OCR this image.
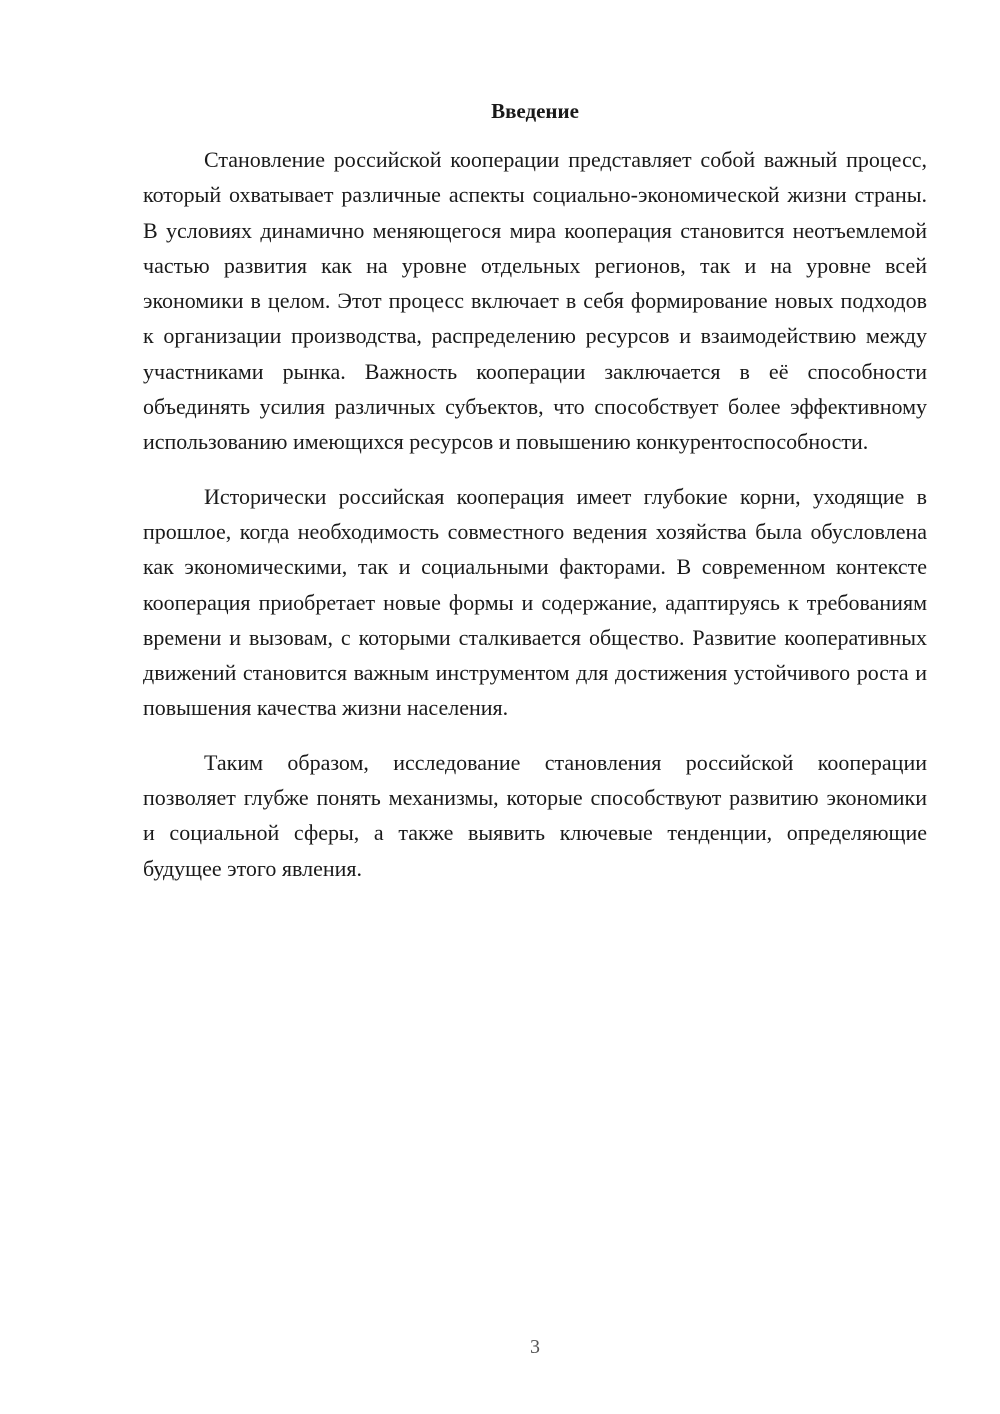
Введение

Становление российской кооперации представляет собой важный процесс, который охватывает различные аспекты социально-экономической жизни страны. В условиях динамично меняющегося мира кооперация становится неотъемлемой частью развития как на уровне отдельных регионов, так и на уровне всей экономики в целом. Этот процесс включает в себя формирование новых подходов к организации производства, распределению ресурсов и взаимодействию между участниками рынка. Важность кооперации заключается в её способности объединять усилия различных субъектов, что способствует более эффективному использованию имеющихся ресурсов и повышению конкурентоспособности.

Исторически российская кооперация имеет глубокие корни, уходящие в прошлое, когда необходимость совместного ведения хозяйства была обусловлена как экономическими, так и социальными факторами. В современном контексте кооперация приобретает новые формы и содержание, адаптируясь к требованиям времени и вызовам, с которыми сталкивается общество. Развитие кооперативных движений становится важным инструментом для достижения устойчивого роста и повышения качества жизни населения.

Таким образом, исследование становления российской кооперации позволяет глубже понять механизмы, которые способствуют развитию экономики и социальной сферы, а также выявить ключевые тенденции, определяющие будущее этого явления.

3
